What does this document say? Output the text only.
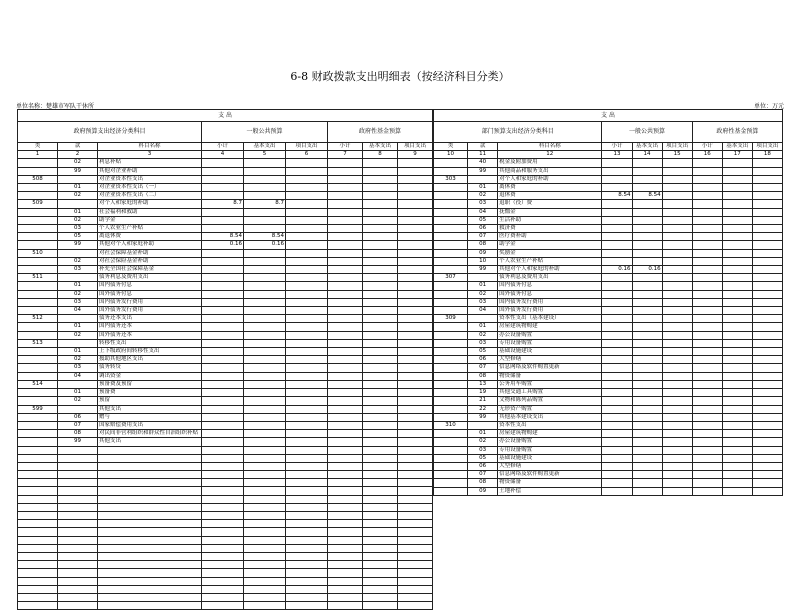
6-8 财政拨款支出明细表（按经济科目分类）
单位名称：楚雄市军队干休所	单位：万元
支 出								
政府预算支出经济分类科目			一般公共预算			政府性基金预算		
类	款	科目名称	小计	基本支出	项目支出	小计	基本支出	项目支出
1	2	3	4	5	6	7	8	9
	02	利息补贴						
	99	其他对企业补助						
508		对企业资本性支出						
	01	对企业资本性支出（一）						
	02	对企业资本性支出（二）						
509		对个人和家庭的补助	8.7	8.7				
	01	社会福利和救助						
	02	助学金						
	03	个人农业生产补贴						
	05	离退休费	8.54	8.54				
	99	其他对个人和家庭补助	0.16	0.16				
510		对社会保障基金补助						
	02	对社会保险基金补助						
	03	补充全国社会保障基金						
511		债务利息及费用支出						
	01	国内债务付息						
	02	国外债务付息						
	03	国内债务发行费用						
	04	国外债务发行费用						
512		债务还本支出						
	01	国内债务还本						
	02	国外债务还本						
513		转移性支出						
	01	上下级政府间转移性支出						
	02	援助其他地区支出						
	03	债务转贷						
	04	调出资金						
514		预备费及预留						
	01	预备费						
	02	预留						
599		其他支出						
	06	赠与						
	07	国家赔偿费用支出						
	08	对民间非营利组织和群众性自治组织补贴						
	99	其他支出						

支 出								
部门预算支出经济分类科目			一般公共预算			政府性基金预算		
类	款	科目名称	小计	基本支出	项目支出	小计	基本支出	项目支出
10	11	12	13	14	15	16	17	18
	40	税金及附加费用						
	99	其他商品和服务支出						
303		对个人和家庭的补助						
	01	离休费						
	02	退休费	8.54	8.54				
	03	退职（役）费						
	04	抚恤金						
	05	生活补助						
	06	救济费						
	07	医疗费补助						
	08	助学金						
	09	奖励金						
	10	个人农业生产补贴						
	99	其他对个人和家庭的补助	0.16	0.16				
307		债务利息及费用支出						
	01	国内债务付息						
	02	国外债务付息						
	03	国内债务发行费用						
	04	国外债务发行费用						
309		资本性支出（基本建设）						
	01	房屋建筑物购建						
	02	办公设备购置						
	03	专用设备购置						
	05	基础设施建设						
	06	大型修缮						
	07	信息网络及软件购置更新						
	08	物资储备						
	13	公务用车购置						
	19	其他交通工具购置						
	21	文物和陈列品购置						
	22	无形资产购置						
	99	其他基本建设支出						
310		资本性支出						
	01	房屋建筑物购建						
	02	办公设备购置						
	03	专用设备购置						
	05	基础设施建设						
	06	大型修缮						
	07	信息网络及软件购置更新						
	08	物资储备						
	09	土地补偿						
